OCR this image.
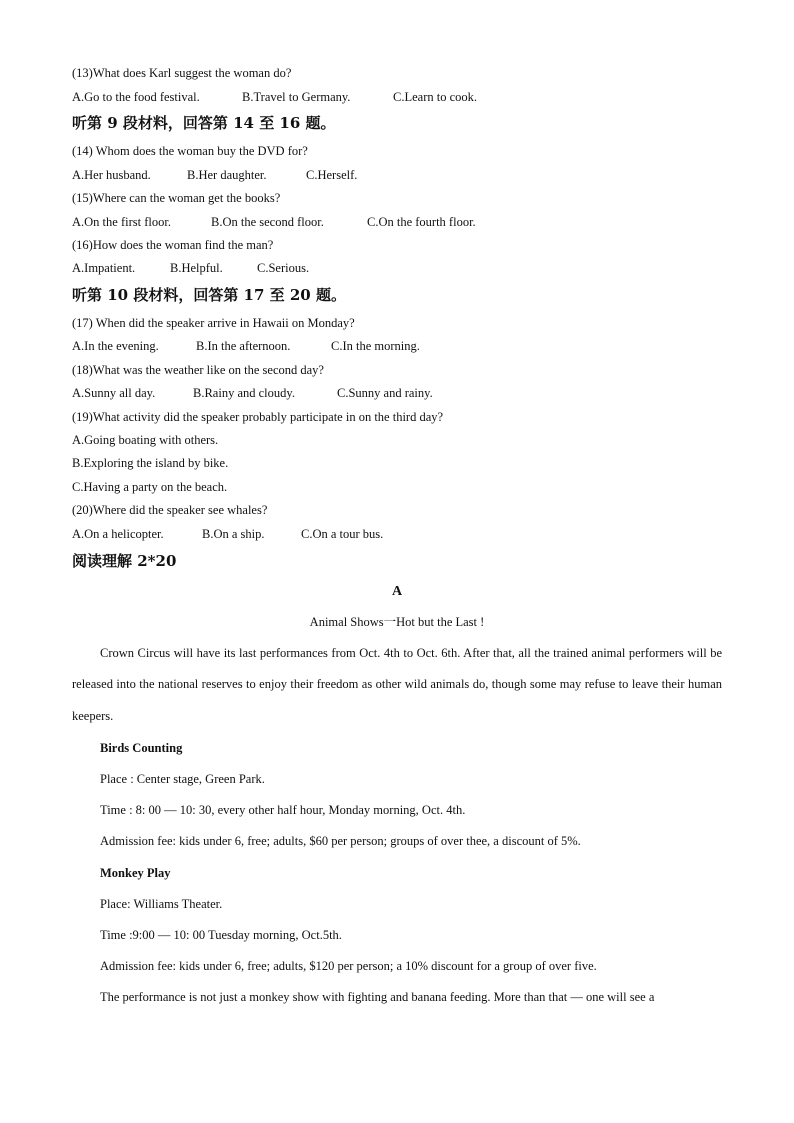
(13)What does Karl suggest the woman do?
A.Go to the food festival.	B.Travel to Germany.	C.Learn to cook.
听第 9 段材料，回答第 14 至 16 题。
(14) Whom does the woman buy the DVD for?
A.Her husband.	B.Her daughter.	C.Herself.
(15)Where can the woman get the books?
A.On the first floor.	B.On the second floor.	C.On the fourth floor.
(16)How does the woman find the man?
A.Impatient.	B.Helpful.	C.Serious.
听第 10 段材料，回答第 17 至 20 题。
(17) When did the speaker arrive in Hawaii on Monday?
A.In the evening.	B.In the afternoon.	C.In the morning.
(18)What was the weather like on the second day?
A.Sunny all day.	B.Rainy and cloudy.	C.Sunny and rainy.
(19)What activity did the speaker probably participate in on the third day?
A.Going boating with others.
B.Exploring the island by bike.
C.Having a party on the beach.
(20)Where did the speaker see whales?
A.On a helicopter.	B.On a ship.	C.On a tour bus.
阅读理解 2*20
A
Animal Shows一Hot but the Last !
Crown Circus will have its last performances from Oct. 4th to Oct. 6th. After that, all the trained animal performers will be released into the national reserves to enjoy their freedom as other wild animals do, though some may refuse to leave their human keepers.
Birds Counting
Place : Center stage, Green Park.
Time : 8: 00 — 10: 30, every other half hour, Monday morning, Oct. 4th.
Admission fee: kids under 6, free; adults, $60 per person; groups of over thee, a discount of 5%.
Monkey Play
Place: Williams Theater.
Time :9:00 — 10: 00 Tuesday morning, Oct.5th.
Admission fee: kids under 6, free; adults, $120 per person; a 10% discount for a group of over five.
The performance is not just a monkey show with fighting and banana feeding. More than that — one will see a
